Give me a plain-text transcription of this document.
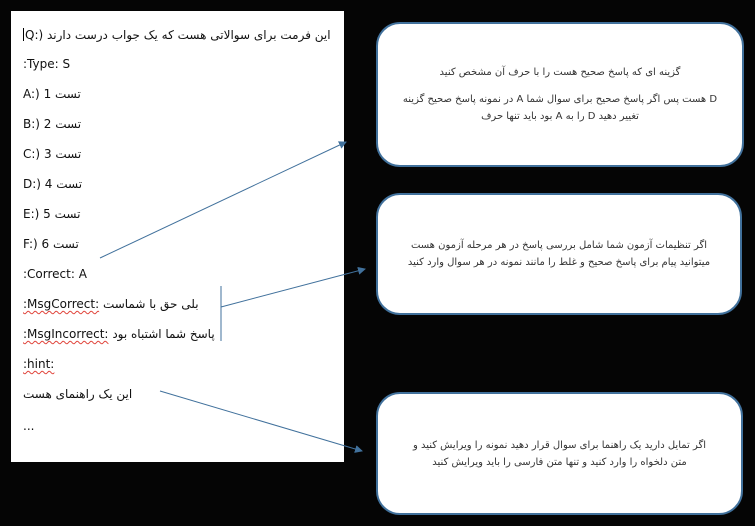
Q:) این فرمت برای سوالاتی هست که یک جواب درست دارند
:Type: S
A:) تست 1
B:) تست 2
C:) تست 3
D:) تست 4
E:) تست 5
F:) تست 6
:Correct: A
:MsgCorrect: بلی حق با شماست
:MsgIncorrect: پاسخ شما اشتباه بود
:hint:
این یک راهنمای هست
...

گزینه ای که پاسخ صحیح هست را با حرف آن مشخص کنید

در نمونه پاسخ صحیح گزینه A هست پس اگر پاسخ صحیح برای سوال شما D بود باید تنها حرف A را به D تغییر دهید

اگر تنظیمات آزمون شما شامل بررسی پاسخ در هر مرحله آزمون هست

میتوانید پیام برای پاسخ صحیح و غلط را مانند نمونه در هر سوال وارد کنید

اگر تمایل دارید یک راهنما برای سوال قرار دهید نمونه را ویرایش کنید و

متن دلخواه را وارد کنید و تنها متن فارسی را باید ویرایش کنید
